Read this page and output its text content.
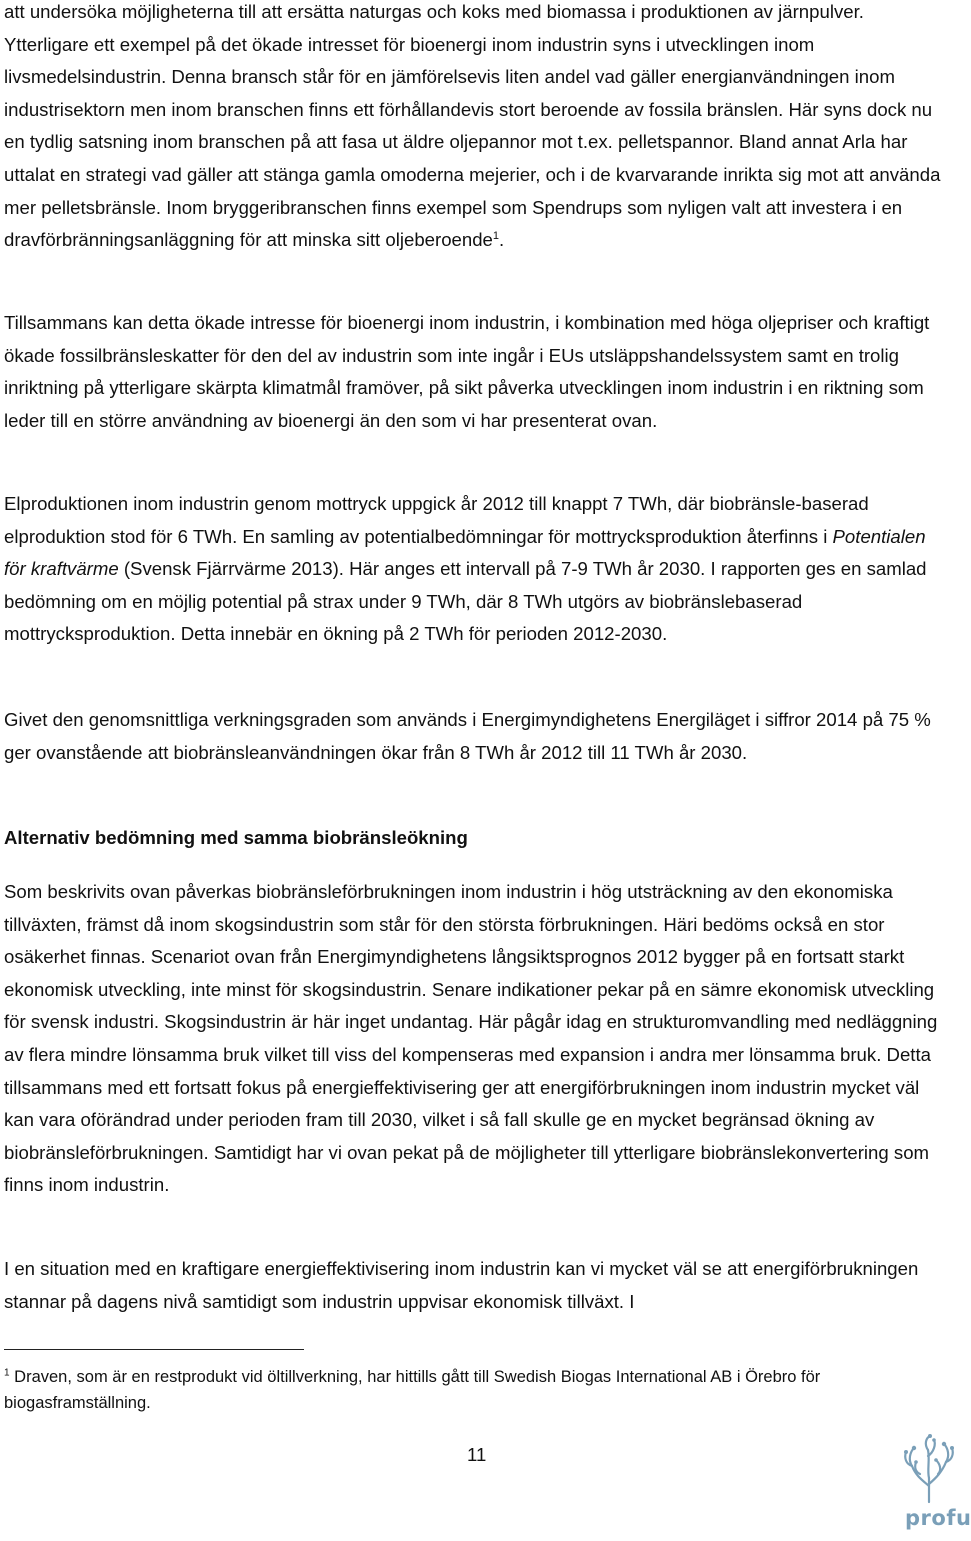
att undersöka möjligheterna till att ersätta naturgas och koks med biomassa i produktionen av järnpulver. Ytterligare ett exempel på det ökade intresset för bioenergi inom industrin syns i utvecklingen inom livsmedelsindustrin. Denna bransch står för en jämförelsevis liten andel vad gäller energianvändningen inom industrisektorn men inom branschen finns ett förhållandevis stort beroende av fossila bränslen. Här syns dock nu en tydlig satsning inom branschen på att fasa ut äldre oljepannor mot t.ex. pelletspannor. Bland annat Arla har uttalat en strategi vad gäller att stänga gamla omoderna mejerier, och i de kvarvarande inrikta sig mot att använda mer pelletsbränsle. Inom bryggeribranschen finns exempel som Spendrups som nyligen valt att investera i en dravförbränningsanläggning för att minska sitt oljeberoende$^1$.

Tillsammans kan detta ökade intresse för bioenergi inom industrin, i kombination med höga oljepriser och kraftigt ökade fossilbränsleskatter för den del av industrin som inte ingår i EUs utsläppshandelssystem samt en trolig inriktning på ytterligare skärpta klimatmål framöver, på sikt påverka utvecklingen inom industrin i en riktning som leder till en större användning av bioenergi än den som vi har presenterat ovan.

Elproduktionen inom industrin genom mottryck uppgick år 2012 till knappt 7 TWh, där biobränsle-baserad elproduktion stod för 6 TWh. En samling av potentialbedömningar för mottrycksproduktion återfinns i Potentialen för kraftvärme (Svensk Fjärrvärme 2013). Här anges ett intervall på 7-9 TWh år 2030. I rapporten ges en samlad bedömning om en möjlig potential på strax under 9 TWh, där 8 TWh utgörs av biobränslebaserad mottrycksproduktion. Detta innebär en ökning på 2 TWh för perioden 2012-2030.

Givet den genomsnittliga verkningsgraden som används i Energimyndighetens Energiläget i siffror 2014 på 75 % ger ovanstående att biobränsleanvändningen ökar från 8 TWh år 2012 till 11 TWh år 2030.

Alternativ bedömning med samma biobränsleökning

Som beskrivits ovan påverkas biobränsleförbrukningen inom industrin i hög utsträckning av den ekonomiska tillväxten, främst då inom skogsindustrin som står för den största förbrukningen. Häri bedöms också en stor osäkerhet finnas. Scenariot ovan från Energimyndighetens långsiktsprognos 2012 bygger på en fortsatt starkt ekonomisk utveckling, inte minst för skogsindustrin. Senare indikationer pekar på en sämre ekonomisk utveckling för svensk industri. Skogsindustrin är här inget undantag. Här pågår idag en strukturomvandling med nedläggning av flera mindre lönsamma bruk vilket till viss del kompenseras med expansion i andra mer lönsamma bruk. Detta tillsammans med ett fortsatt fokus på energieffektivisering ger att energiförbrukningen inom industrin mycket väl kan vara oförändrad under perioden fram till 2030, vilket i så fall skulle ge en mycket begränsad ökning av biobränsleförbrukningen. Samtidigt har vi ovan pekat på de möjligheter till ytterligare biobränslekonvertering som finns inom industrin.

I en situation med en kraftigare energieffektivisering inom industrin kan vi mycket väl se att energiförbrukningen stannar på dagens nivå samtidigt som industrin uppvisar ekonomisk tillväxt. I

$^1$ Draven, som är en restprodukt vid öltillverkning, har hittills gått till Swedish Biogas International AB i Örebro för biogasframställning.

11

profu
